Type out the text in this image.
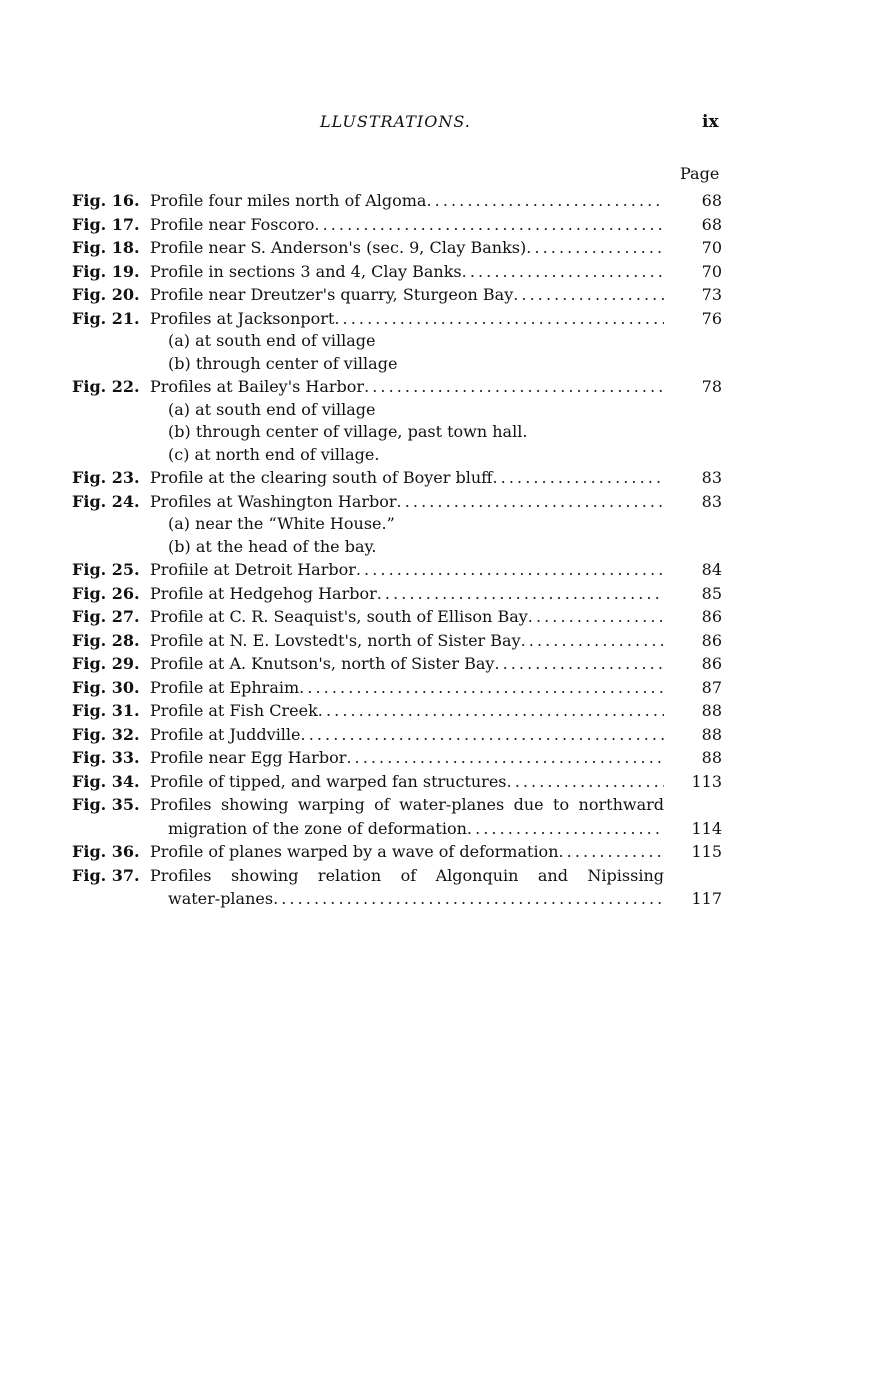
LLUSTRATIONS.	ix
Page
Fig. 16. Profile four miles north of Algoma . . .	68
Fig. 17. Profile near Foscoro . . .	68
Fig. 18. Profile near S. Anderson's (sec. 9, Clay Banks) . . .	70
Fig. 19. Profile in sections 3 and 4, Clay Banks . . .	70
Fig. 20. Profile near Dreutzer's quarry, Sturgeon Bay . . .	73
Fig. 21. Profiles at Jacksonport . . .	76
(a) at south end of village
(b) through center of village
Fig. 22. Profiles at Bailey's Harbor . . .	78
(a) at south end of village
(b) through center of village, past town hall.
(c) at north end of village.
Fig. 23. Profile at the clearing south of Boyer bluff . . .	83
Fig. 24. Profiles at Washington Harbor . . .	83
(a) near the “White House.”
(b) at the head of the bay.
Fig. 25. Profiile at Detroit Harbor . . .	84
Fig. 26. Profile at Hedgehog Harbor . . .	85
Fig. 27. Profile at C. R. Seaquist's, south of Ellison Bay . . .	86
Fig. 28. Profile at N. E. Lovstedt's, north of Sister Bay . . .	86
Fig. 29. Profile at A. Knutson's, north of Sister Bay . . .	86
Fig. 30. Profile at Ephraim . . .	87
Fig. 31. Profile at Fish Creek . . .	88
Fig. 32. Profile at Juddville . . .	88
Fig. 33. Profile near Egg Harbor . . .	88
Fig. 34. Profile of tipped, and warped fan structures . . .	113
Fig. 35. Profiles showing warping of water-planes due to northward
migration of the zone of deformation . . .	114
Fig. 36. Profile of planes warped by a wave of deformation . . .	115
Fig. 37. Profiles showing relation of Algonquin and Nipissing
water-planes . . .	117
